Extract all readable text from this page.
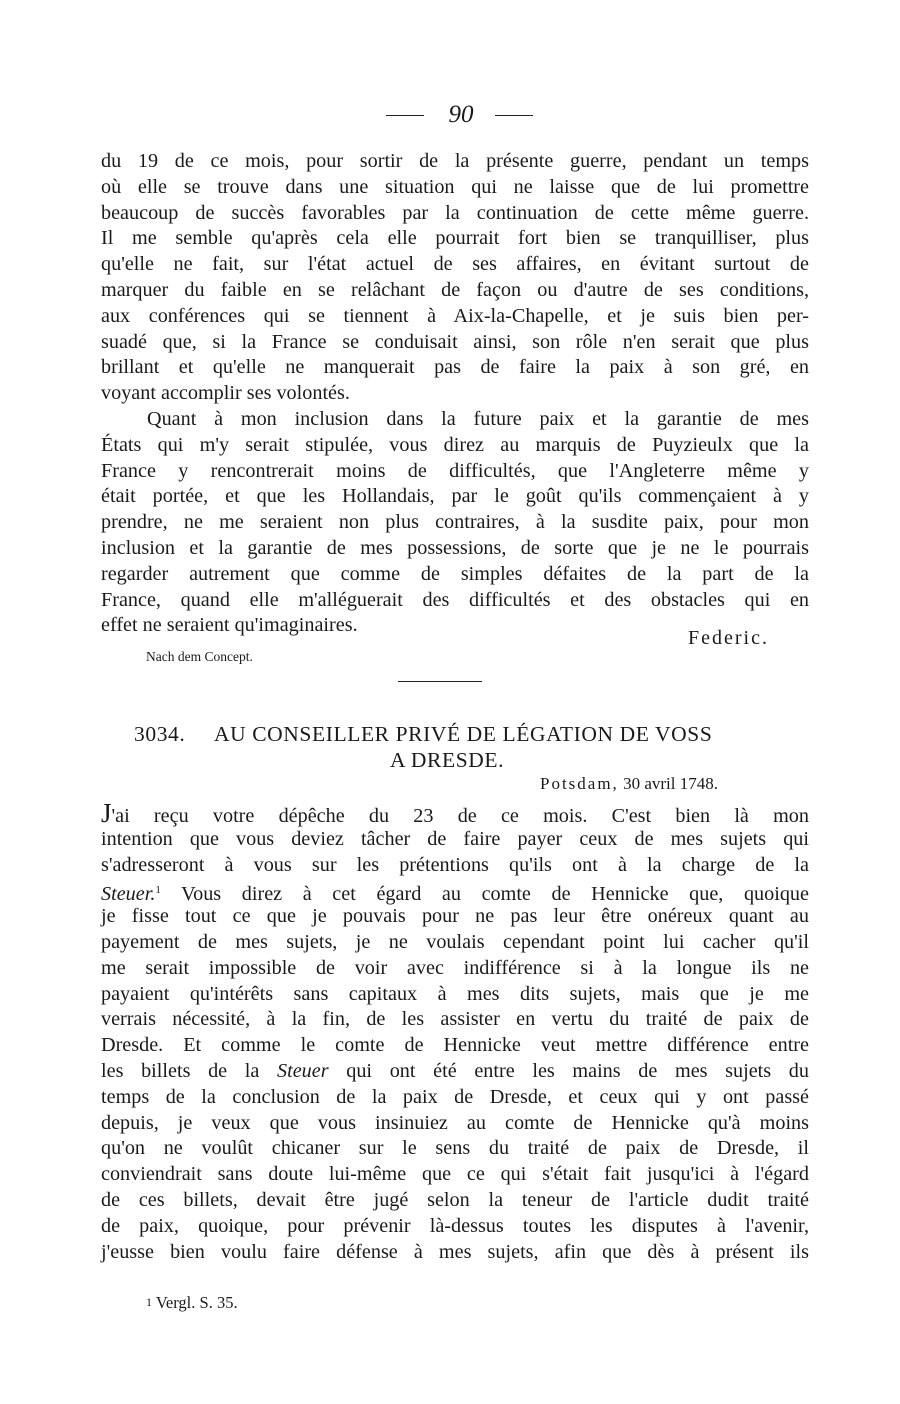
90
du 19 de ce mois, pour sortir de la présente guerre, pendant un temps
où elle se trouve dans une situation qui ne laisse que de lui promettre
beaucoup de succès favorables par la continuation de cette même guerre.
Il me semble qu'après cela elle pourrait fort bien se tranquilliser, plus
qu'elle ne fait, sur l'état actuel de ses affaires, en évitant surtout de
marquer du faible en se relâchant de façon ou d'autre de ses conditions,
aux conférences qui se tiennent à Aix-la-Chapelle, et je suis bien per-
suadé que, si la France se conduisait ainsi, son rôle n'en serait que plus
brillant et qu'elle ne manquerait pas de faire la paix à son gré, en
voyant accomplir ses volontés.
Quant à mon inclusion dans la future paix et la garantie de mes
États qui m'y serait stipulée, vous direz au marquis de Puyzieulx que la
France y rencontrerait moins de difficultés, que l'Angleterre même y
était portée, et que les Hollandais, par le goût qu'ils commençaient à y
prendre, ne me seraient non plus contraires, à la susdite paix, pour mon
inclusion et la garantie de mes possessions, de sorte que je ne le pourrais
regarder autrement que comme de simples défaites de la part de la
France, quand elle m'alléguerait des difficultés et des obstacles qui en
effet ne seraient qu'imaginaires.
Federic.
Nach dem Concept.
3034. AU CONSEILLER PRIVÉ DE LÉGATION DE VOSS
A DRESDE.
Potsdam, 30 avril 1748.
J'ai reçu votre dépêche du 23 de ce mois. C'est bien là mon
intention que vous deviez tâcher de faire payer ceux de mes sujets qui
s'adresseront à vous sur les prétentions qu'ils ont à la charge de la
Steuer.$^1$ Vous direz à cet égard au comte de Hennicke que, quoique
je fisse tout ce que je pouvais pour ne pas leur être onéreux quant au
payement de mes sujets, je ne voulais cependant point lui cacher qu'il
me serait impossible de voir avec indifférence si à la longue ils ne
payaient qu'intérêts sans capitaux à mes dits sujets, mais que je me
verrais nécessité, à la fin, de les assister en vertu du traité de paix de
Dresde. Et comme le comte de Hennicke veut mettre différence entre
les billets de la Steuer qui ont été entre les mains de mes sujets du
temps de la conclusion de la paix de Dresde, et ceux qui y ont passé
depuis, je veux que vous insinuiez au comte de Hennicke qu'à moins
qu'on ne voulût chicaner sur le sens du traité de paix de Dresde, il
conviendrait sans doute lui-même que ce qui s'était fait jusqu'ici à l'égard
de ces billets, devait être jugé selon la teneur de l'article dudit traité
de paix, quoique, pour prévenir là-dessus toutes les disputes à l'avenir,
j'eusse bien voulu faire défense à mes sujets, afin que dès à présent ils
1 Vergl. S. 35.
